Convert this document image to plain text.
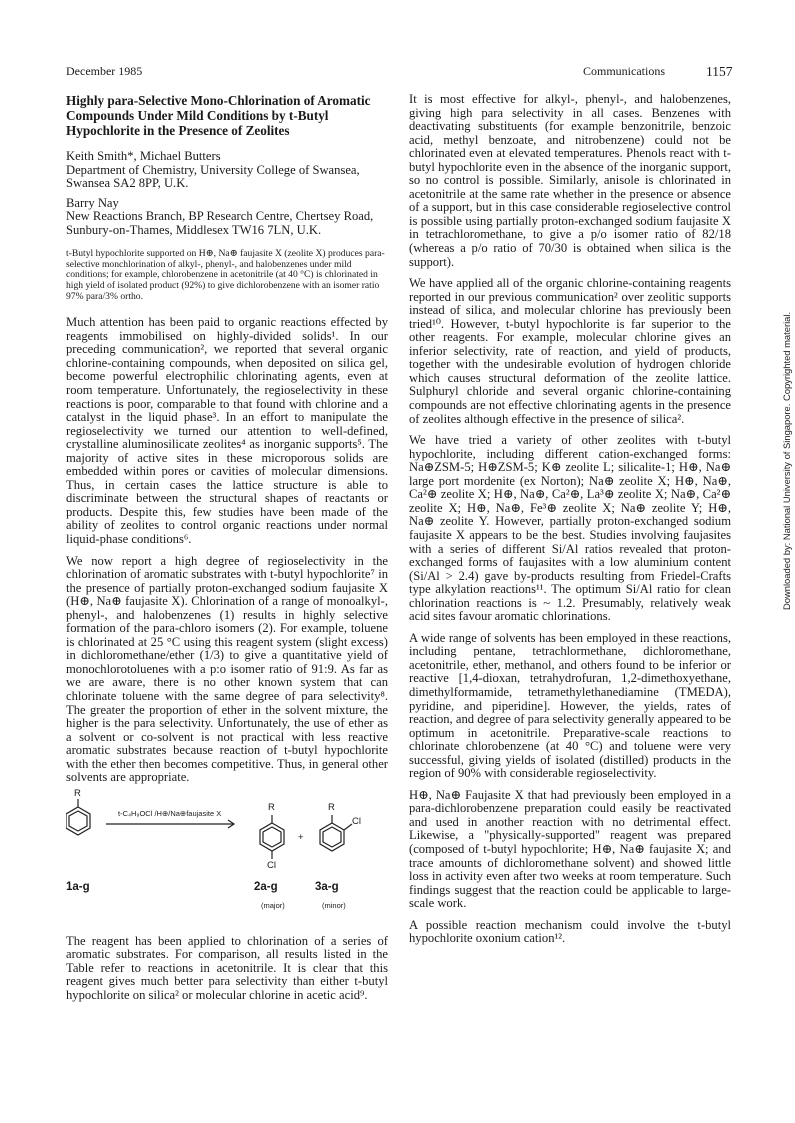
December 1985	Communications	1157

Highly para-Selective Mono-Chlorination of Aromatic Compounds Under Mild Conditions by t-Butyl Hypochlorite in the Presence of Zeolites

Keith Smith*, Michael Butters

Department of Chemistry, University College of Swansea, Swansea SA2 8PP, U.K.

Barry Nay

New Reactions Branch, BP Research Centre, Chertsey Road, Sunbury-on-Thames, Middlesex TW16 7LN, U.K.

t-Butyl hypochlorite supported on H⊕, Na⊕ faujasite X (zeolite X) produces para-selective monchlorination of alkyl-, phenyl-, and halobenzenes under mild conditions; for example, chlorobenzene in acetonitrile (at 40 °C) is chlorinated in high yield of isolated product (92%) to give dichlorobenzene with an isomer ratio 97% para/3% ortho.

Much attention has been paid to organic reactions effected by reagents immobilised on highly-divided solids¹. In our preceding communication², we reported that several organic chlorine-containing compounds, when deposited on silica gel, become powerful electrophilic chlorinating agents, even at room temperature. Unfortunately, the regioselectivity in these reactions is poor, comparable to that found with chlorine and a catalyst in the liquid phase³. In an effort to manipulate the regioselectivity we turned our attention to well-defined, crystalline aluminosilicate zeolites⁴ as inorganic supports⁵. The majority of active sites in these microporous solids are embedded within pores or cavities of molecular dimensions. Thus, in certain cases the lattice structure is able to discriminate between the structural shapes of reactants or products. Despite this, few studies have been made of the ability of zeolites to control organic reactions under normal liquid-phase conditions⁶.

We now report a high degree of regioselectivity in the chlorination of aromatic substrates with t-butyl hypochlorite⁷ in the presence of partially proton-exchanged sodium faujasite X (H⊕, Na⊕ faujasite X). Chlorination of a range of monoalkyl-, phenyl-, and halobenzenes (1) results in highly selective formation of the para-chloro isomers (2). For example, toluene is chlorinated at 25 °C using this reagent system (slight excess) in dichloromethane/ether (1/3) to give a quantitative yield of monochlorotoluenes with a p:o isomer ratio of 91:9. As far as we are aware, there is no other known system that can chlorinate toluene with the same degree of para selectivity⁸. The greater the proportion of ether in the solvent mixture, the higher is the para selectivity. Unfortunately, the use of ether as a solvent or co-solvent is not practical with less reactive aromatic substrates because reaction of t-butyl hypochlorite with the ether then becomes competitive. Thus, in general other solvents are appropriate.

R
t-C₄H₉OCl /H⊕/Na⊕faujasite X
R	R
+
Cl
Cl
1a-g	2a-g	3a-g
(major)	(minor)

The reagent has been applied to chlorination of a series of aromatic substrates. For comparison, all results listed in the Table refer to reactions in acetonitrile. It is clear that this reagent gives much better para selectivity than either t-butyl hypochlorite on silica² or molecular chlorine in acetic acid⁹.

It is most effective for alkyl-, phenyl-, and halobenzenes, giving high para selectivity in all cases. Benzenes with deactivating substituents (for example benzonitrile, benzoic acid, methyl benzoate, and nitrobenzene) could not be chlorinated even at elevated temperatures. Phenols react with t-butyl hypochlorite even in the absence of the inorganic support, so no control is possible. Similarly, anisole is chlorinated in acetonitrile at the same rate whether in the presence or absence of a support, but in this case considerable regioselective control is possible using partially proton-exchanged sodium faujasite X in tetrachloromethane, to give a p/o isomer ratio of 82/18 (whereas a p/o ratio of 70/30 is obtained when silica is the support).

We have applied all of the organic chlorine-containing reagents reported in our previous communication² over zeolitic supports instead of silica, and molecular chlorine has previously been tried¹⁰. However, t-butyl hypochlorite is far superior to the other reagents. For example, molecular chlorine gives an inferior selectivity, rate of reaction, and yield of products, together with the undesirable evolution of hydrogen chloride which causes structural deformation of the zeolite lattice. Sulphuryl chloride and several organic chlorine-containing compounds are not effective chlorinating agents in the presence of zeolites although effective in the presence of silica².

We have tried a variety of other zeolites with t-butyl hypochlorite, including different cation-exchanged forms: Na⊕ZSM-5; H⊕ZSM-5; K⊕ zeolite L; silicalite-1; H⊕, Na⊕ large port mordenite (ex Norton); Na⊕ zeolite X; H⊕, Na⊕, Ca²⊕ zeolite X; H⊕, Na⊕, Ca²⊕, La³⊕ zeolite X; Na⊕, Ca²⊕ zeolite X; H⊕, Na⊕, Fe³⊕ zeolite X; Na⊕ zeolite Y; H⊕, Na⊕ zeolite Y. However, partially proton-exchanged sodium faujasite X appears to be the best. Studies involving faujasites with a series of different Si/Al ratios revealed that proton-exchanged forms of faujasites with a low aluminium content (Si/Al > 2.4) gave by-products resulting from Friedel-Crafts type alkylation reactions¹¹. The optimum Si/Al ratio for clean chlorination reactions is ~ 1.2. Presumably, relatively weak acid sites favour aromatic chlorinations.

A wide range of solvents has been employed in these reactions, including pentane, tetrachlormethane, dichloromethane, acetonitrile, ether, methanol, and others found to be inferior or reactive [1,4-dioxan, tetrahydrofuran, 1,2-dimethoxyethane, dimethylformamide, tetramethylethanediamine (TMEDA), pyridine, and piperidine]. However, the yields, rates of reaction, and degree of para selectivity generally appeared to be optimum in acetonitrile. Preparative-scale reactions to chlorinate chlorobenzene (at 40 °C) and toluene were very successful, giving yields of isolated (distilled) products in the region of 90% with considerable regioselectivity.

H⊕, Na⊕ Faujasite X that had previously been employed in a para-dichlorobenzene preparation could easily be reactivated and used in another reaction with no detrimental effect. Likewise, a "physically-supported" reagent was prepared (composed of t-butyl hypochlorite; H⊕, Na⊕ faujasite X; and trace amounts of dichloromethane solvent) and showed little loss in activity even after two weeks at room temperature. Such findings suggest that the reaction could be applicable to large-scale work.

A possible reaction mechanism could involve the t-butyl hypochlorite oxonium cation¹².

Downloaded by: National University of Singapore. Copyrighted material.
